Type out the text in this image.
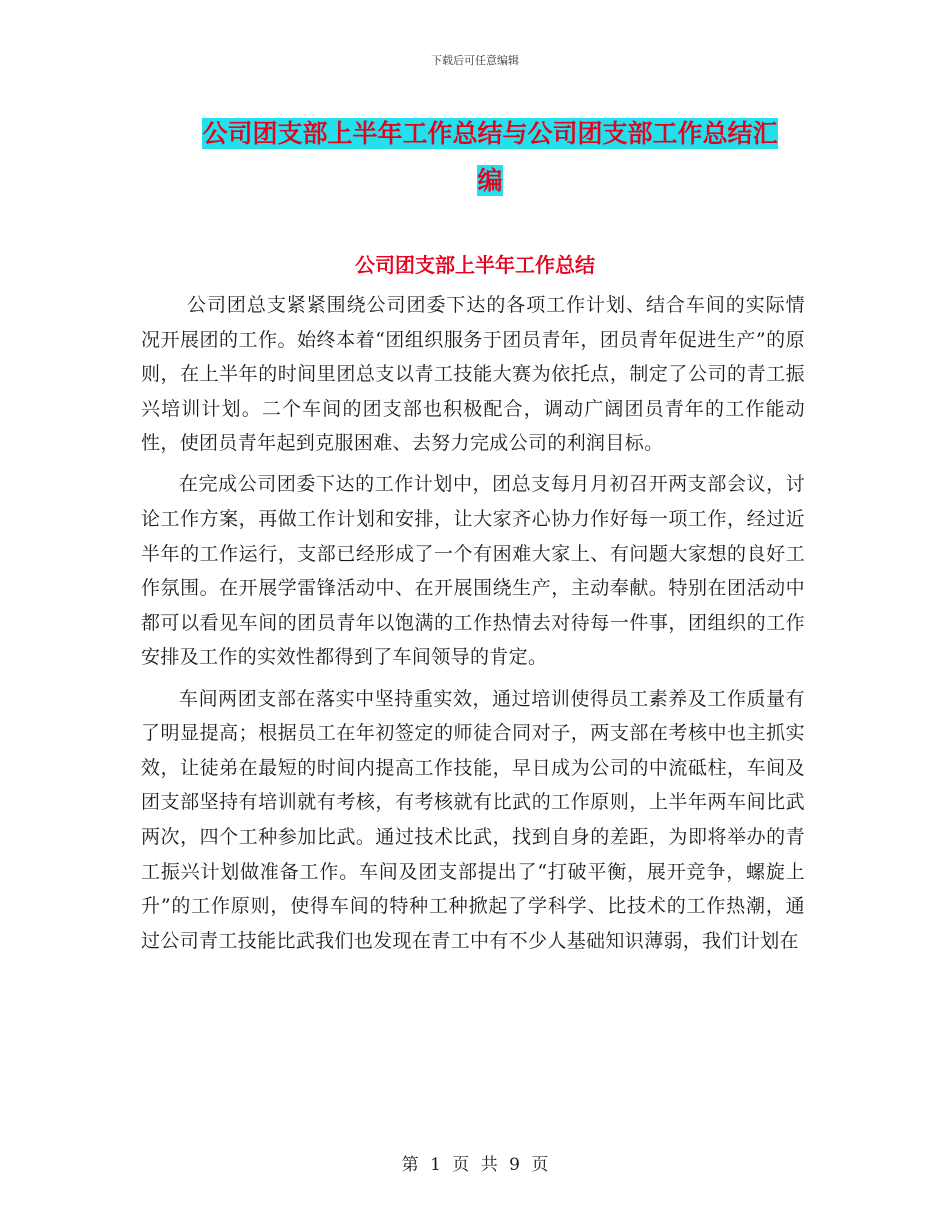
下载后可任意编辑
公司团支部上半年工作总结与公司团支部工作总结汇
编
公司团支部上半年工作总结

公司团总支紧紧围绕公司团委下达的各项工作计划、结合车间的实际情况开展团的工作。始终本着“团组织服务于团员青年，团员青年促进生产”的原则，在上半年的时间里团总支以青工技能大赛为依托点，制定了公司的青工振兴培训计划。二个车间的团支部也积极配合，调动广阔团员青年的工作能动性，使团员青年起到克服困难、去努力完成公司的利润目标。

在完成公司团委下达的工作计划中，团总支每月月初召开两支部会议，讨论工作方案，再做工作计划和安排，让大家齐心协力作好每一项工作，经过近半年的工作运行，支部已经形成了一个有困难大家上、有问题大家想的良好工作氛围。在开展学雷锋活动中、在开展围绕生产，主动奉献。特别在团活动中都可以看见车间的团员青年以饱满的工作热情去对待每一件事，团组织的工作安排及工作的实效性都得到了车间领导的肯定。

车间两团支部在落实中坚持重实效，通过培训使得员工素养及工作质量有了明显提高；根据员工在年初签定的师徒合同对子，两支部在考核中也主抓实效，让徒弟在最短的时间内提高工作技能，早日成为公司的中流砥柱，车间及团支部坚持有培训就有考核，有考核就有比武的工作原则，上半年两车间比武两次，四个工种参加比武。通过技术比武，找到自身的差距，为即将举办的青工振兴计划做准备工作。车间及团支部提出了“打破平衡，展开竞争，螺旋上升”的工作原则，使得车间的特种工种掀起了学科学、比技术的工作热潮，通过公司青工技能比武我们也发现在青工中有不少人基础知识薄弱，我们计划在

第 1 页 共 9 页
